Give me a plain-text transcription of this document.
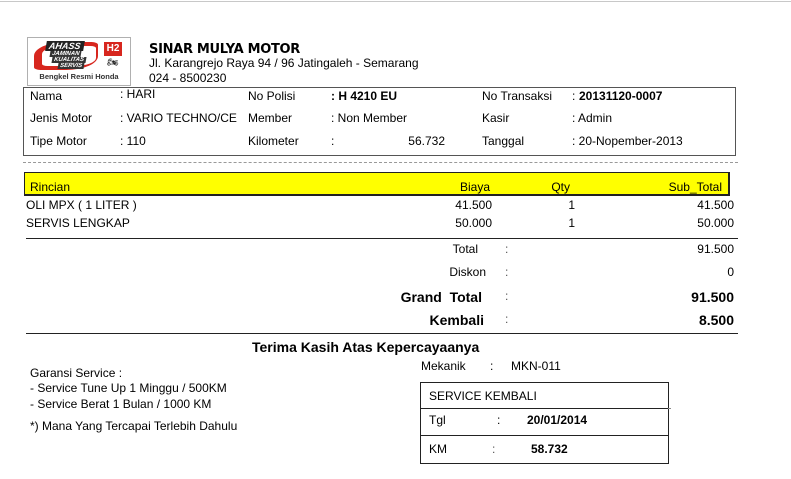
AHASS
JAMINAN
KUALITAS
SERVIS
H2
🏍︎
Bengkel Resmi Honda
SINAR MULYA MOTOR
Jl. Karangrejo Raya 94 / 96 Jatingaleh - Semarang
024 - 8500230
Nama	: HARI
Jenis Motor : VARIO TECHNO/CE
Tipe Motor	: 110
No Polisi	: H 4210 EU
Member	: Non Member
Kilometer	:	56.732
No Transaksi : 20131120-0007
Kasir	: Admin
Tanggal	: 20-Nopember-2013
Rincian	Biaya	Qty	Sub_Total
OLI MPX ( 1 LITER )	41.500	1	41.500
SERVIS LENGKAP	50.000	1	50.000
Total :	91.500
Diskon :	0
Grand  Total :	91.500
Kembali :	8.500
Terima Kasih Atas Kepercayaanya
Garansi Service :
- Service Tune Up 1 Minggu / 500KM
- Service Berat 1 Bulan / 1000 KM
*) Mana Yang Tercapai Terlebih Dahulu
Mekanik : MKN-011
SERVICE KEMBALI
Tgl	: 20/01/2014
KM	:	58.732
